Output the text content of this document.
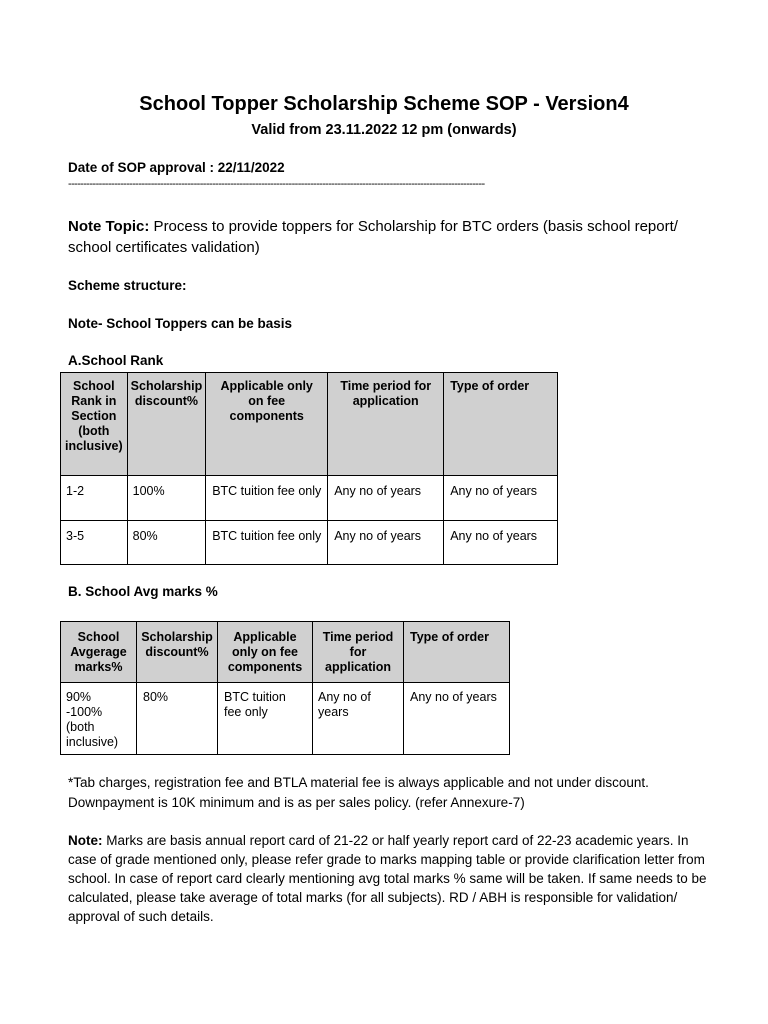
School Topper Scholarship Scheme SOP - Version4
Valid from 23.11.2022 12 pm (onwards)
Date of SOP approval : 22/11/2022
----------------------------------------------------------------------------------------------------------------------------------------
Note Topic: Process to provide toppers for Scholarship for BTC orders (basis school report/ school certificates validation)
Scheme structure:
Note- School Toppers can be basis
A.School Rank
School Rank in Section (both inclusive)	Scholarship discount%	Applicable only on fee components	Time period for application	Type of order
1-2	100%	BTC tuition fee only	Any no of years	Any no of years
3-5	80%	BTC tuition fee only	Any no of years	Any no of years
B. School Avg marks %
School Avgerage marks%	Scholarship discount%	Applicable only on fee components	Time period for application	Type of order
90% -100% (both inclusive)	80%	BTC tuition fee only	Any no of years	Any no of years
*Tab charges, registration fee and BTLA material fee is always applicable and not under discount. Downpayment is 10K minimum and is as per sales policy. (refer Annexure-7)
Note: Marks are basis annual report card of 21-22 or half yearly report card of 22-23 academic years. In case of grade mentioned only, please refer grade to marks mapping table or provide clarification letter from school. In case of report card clearly mentioning avg total marks % same will be taken. If same needs to be calculated, please take average of total marks (for all subjects). RD / ABH is responsible for validation/ approval of such details.
